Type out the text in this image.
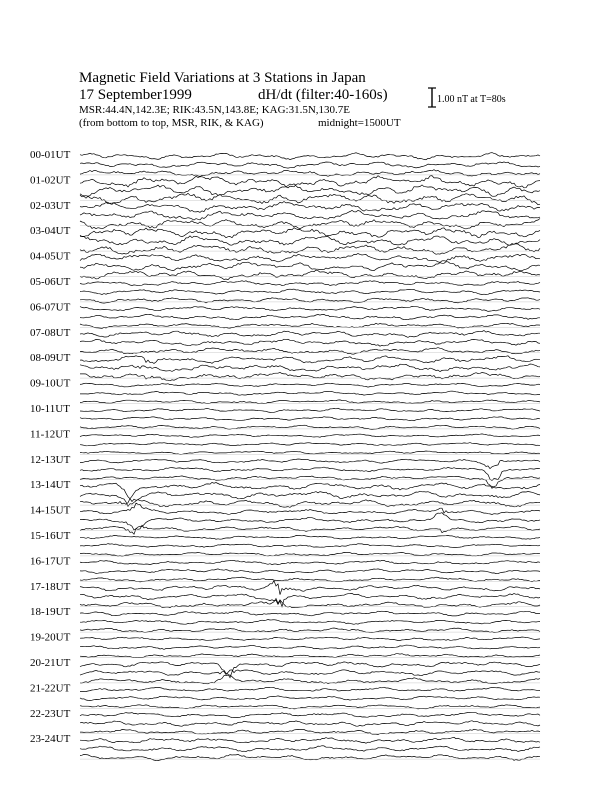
Magnetic Field Variations at 3 Stations in Japan
17 September1999	dH/dt (filter:40-160s)
MSR:44.4N,142.3E; RIK:43.5N,143.8E; KAG:31.5N,130.7E
(from bottom to top, MSR, RIK, & KAG)	midnight=1500UT
1.00 nT at T=80s
00-01UT
01-02UT
02-03UT
03-04UT
04-05UT
05-06UT
06-07UT
07-08UT
08-09UT
09-10UT
10-11UT
11-12UT
12-13UT
13-14UT
14-15UT
15-16UT
16-17UT
17-18UT
18-19UT
19-20UT
20-21UT
21-22UT
22-23UT
23-24UT
